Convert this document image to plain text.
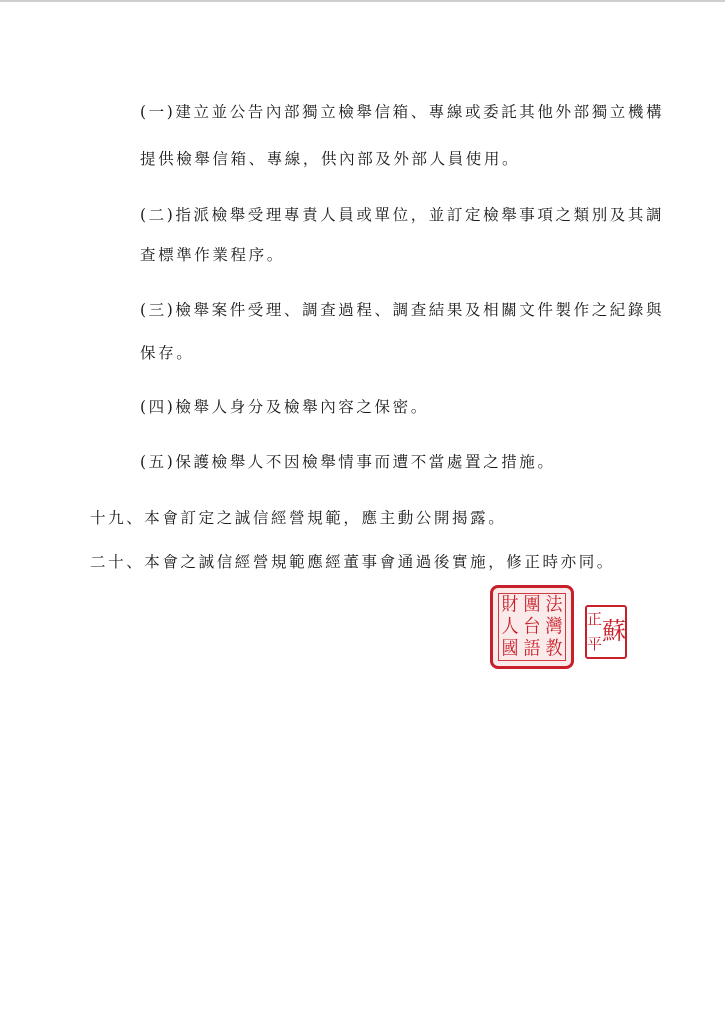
(一)建立並公告內部獨立檢舉信箱、專線或委託其他外部獨立機構
提供檢舉信箱、專線，供內部及外部人員使用。
(二)指派檢舉受理專責人員或單位，並訂定檢舉事項之類別及其調
查標準作業程序。
(三)檢舉案件受理、調查過程、調查結果及相關文件製作之紀錄與
保存。
(四)檢舉人身分及檢舉內容之保密。
(五)保護檢舉人不因檢舉情事而遭不當處置之措施。
十九、本會訂定之誠信經營規範，應主動公開揭露。
二十、本會之誠信經營規範應經董事會通過後實施，修正時亦同。
財 團 法
人 台 灣
國 語 教
正 蘇
平
